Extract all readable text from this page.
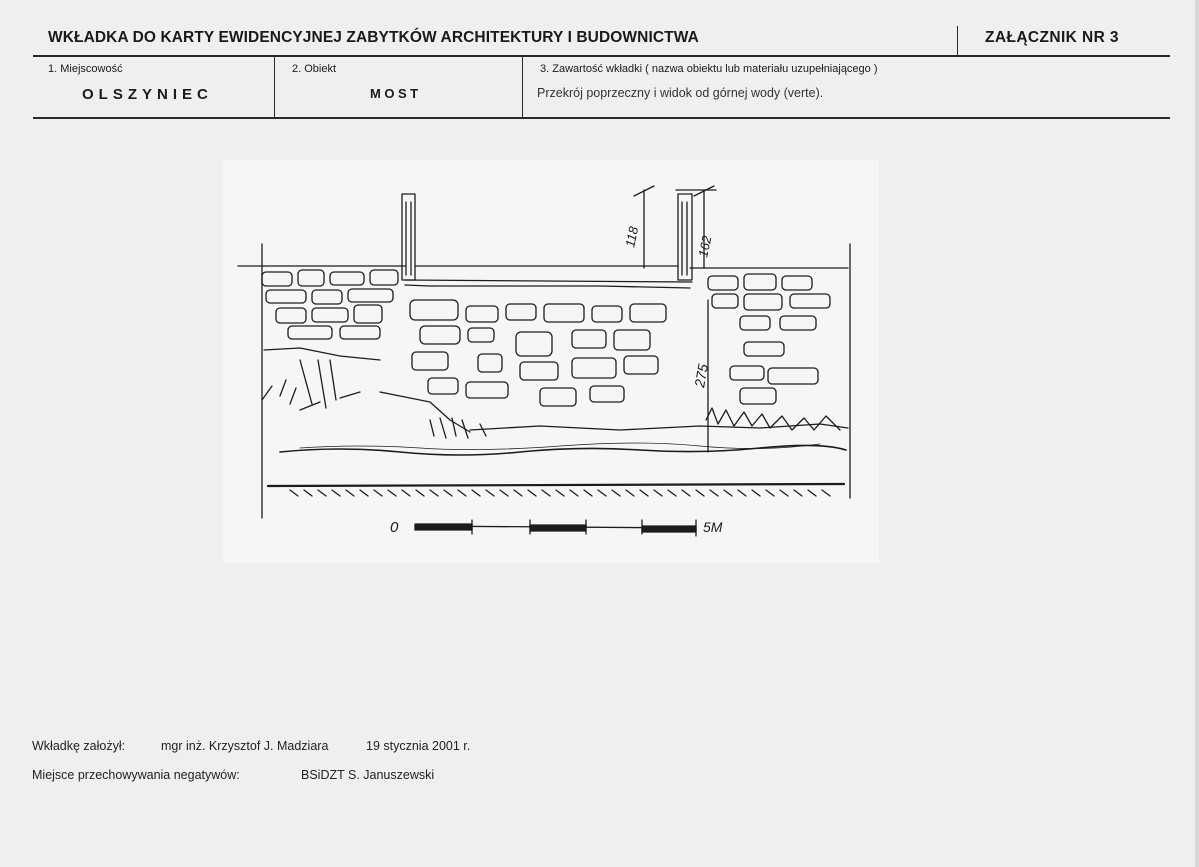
WKŁADKA DO KARTY EWIDENCYJNEJ ZABYTKÓW ARCHITEKTURY I BUDOWNICTWA	ZAŁĄCZNIK NR 3
1. Miejscowość
OLSZYNIEC
2. Obiekt
MOST
3. Zawartość wkładki ( nazwa obiektu lub materiału uzupełniającego )
Przekrój poprzeczny i widok od górnej wody (verte).
118	162
275
0	5M
Wkładkę założył:	mgr inż. Krzysztof J. Madziara	19 stycznia 2001 r.
Miejsce przechowywania negatywów:	BSiDZT S. Januszewski
